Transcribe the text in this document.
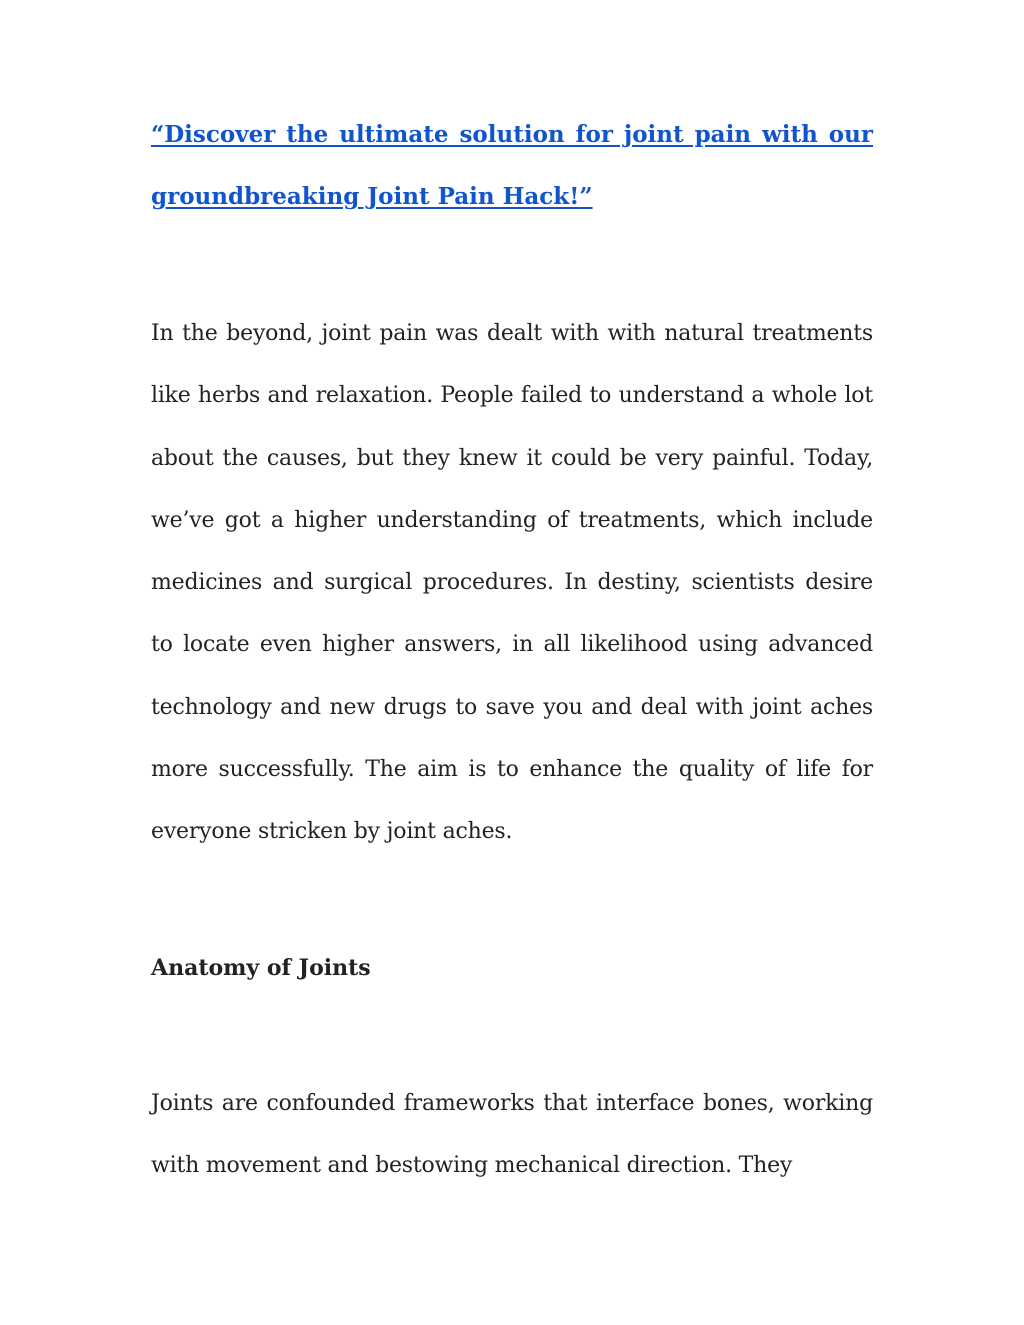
“Discover the ultimate solution for joint pain with our groundbreaking Joint Pain Hack!”

In the beyond, joint pain was dealt with with natural treatments like herbs and relaxation. People failed to understand a whole lot about the causes, but they knew it could be very painful. Today, we’ve got a higher understanding of treatments, which include medicines and surgical procedures. In destiny, scientists desire to locate even higher answers, in all likelihood using advanced technology and new drugs to save you and deal with joint aches more successfully. The aim is to enhance the quality of life for everyone stricken by joint aches.

Anatomy of Joints

Joints are confounded frameworks that interface bones, working with movement and bestowing mechanical direction. They
